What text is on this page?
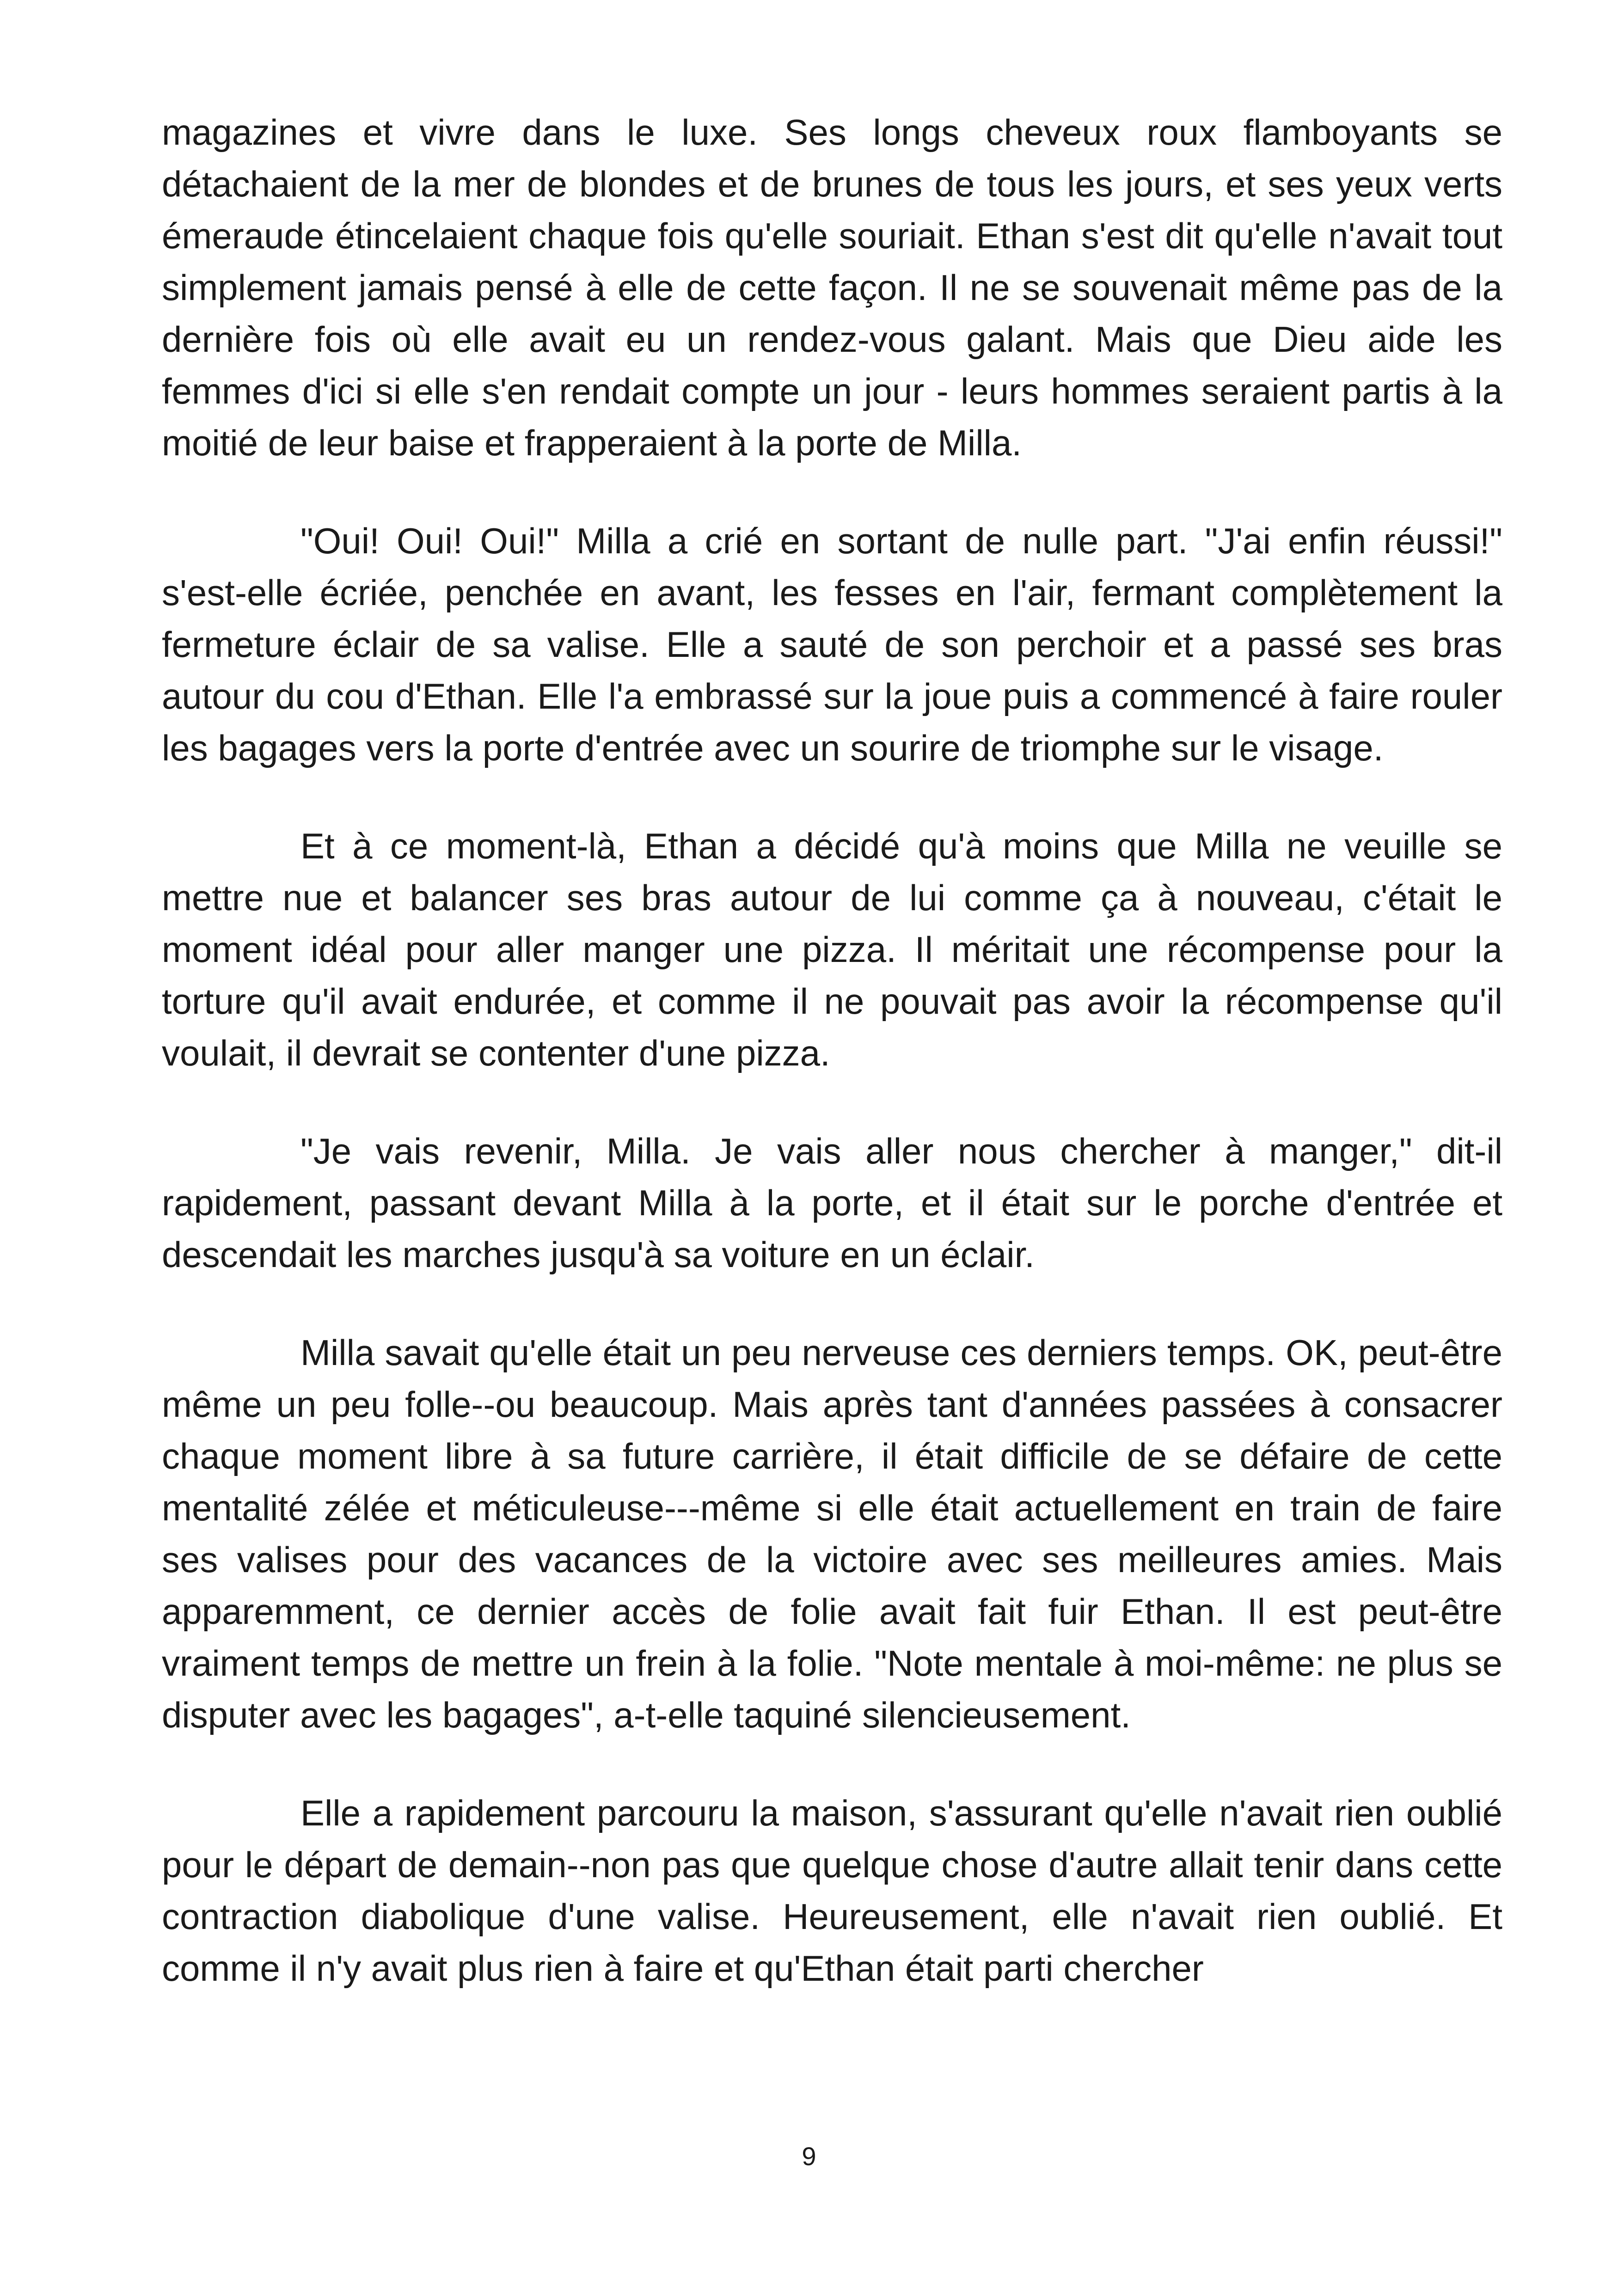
magazines et vivre dans le luxe. Ses longs cheveux roux flamboyants se détachaient de la mer de blondes et de brunes de tous les jours, et ses yeux verts émeraude étincelaient chaque fois qu'elle souriait. Ethan s'est dit qu'elle n'avait tout simplement jamais pensé à elle de cette façon. Il ne se souvenait même pas de la dernière fois où elle avait eu un rendez-vous galant. Mais que Dieu aide les femmes d'ici si elle s'en rendait compte un jour - leurs hommes seraient partis à la moitié de leur baise et frapperaient à la porte de Milla.

"Oui! Oui! Oui!" Milla a crié en sortant de nulle part. "J'ai enfin réussi!" s'est-elle écriée, penchée en avant, les fesses en l'air, fermant complètement la fermeture éclair de sa valise. Elle a sauté de son perchoir et a passé ses bras autour du cou d'Ethan. Elle l'a embrassé sur la joue puis a commencé à faire rouler les bagages vers la porte d'entrée avec un sourire de triomphe sur le visage.

Et à ce moment-là, Ethan a décidé qu'à moins que Milla ne veuille se mettre nue et balancer ses bras autour de lui comme ça à nouveau, c'était le moment idéal pour aller manger une pizza. Il méritait une récompense pour la torture qu'il avait endurée, et comme il ne pouvait pas avoir la récompense qu'il voulait, il devrait se contenter d'une pizza.

"Je vais revenir, Milla. Je vais aller nous chercher à manger," dit-il rapidement, passant devant Milla à la porte, et il était sur le porche d'entrée et descendait les marches jusqu'à sa voiture en un éclair.

Milla savait qu'elle était un peu nerveuse ces derniers temps. OK, peut-être même un peu folle--ou beaucoup. Mais après tant d'années passées à consacrer chaque moment libre à sa future carrière, il était difficile de se défaire de cette mentalité zélée et méticuleuse---même si elle était actuellement en train de faire ses valises pour des vacances de la victoire avec ses meilleures amies. Mais apparemment, ce dernier accès de folie avait fait fuir Ethan. Il est peut-être vraiment temps de mettre un frein à la folie. "Note mentale à moi-même: ne plus se disputer avec les bagages", a-t-elle taquiné silencieusement.

Elle a rapidement parcouru la maison, s'assurant qu'elle n'avait rien oublié pour le départ de demain--non pas que quelque chose d'autre allait tenir dans cette contraction diabolique d'une valise. Heureusement, elle n'avait rien oublié. Et comme il n'y avait plus rien à faire et qu'Ethan était parti chercher

9
